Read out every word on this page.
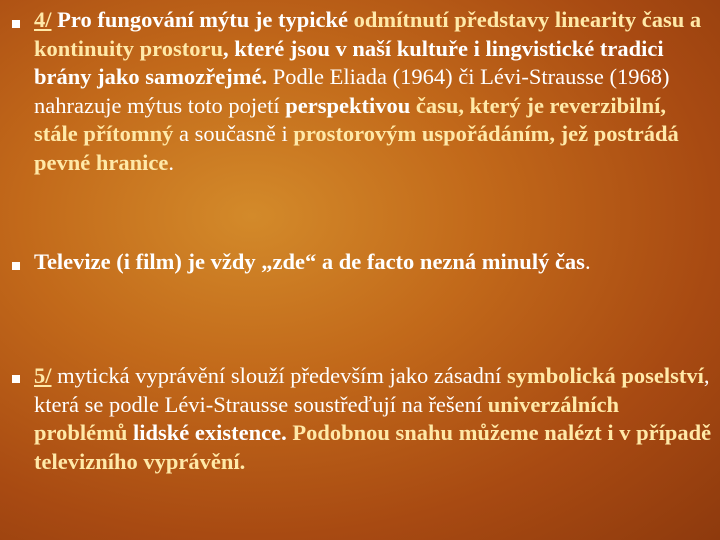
4/ Pro fungování mýtu je typické odmítnutí představy linearity času a kontinuity prostoru, které jsou v naší kultuře i lingvistické tradici brány jako samozřejmé. Podle Eliada (1964) či Lévi-Strausse (1968) nahrazuje mýtus toto pojetí perspektivou času, který je reverzibilní, stále přítomný a současně i prostorovým uspořádáním, jež postrádá pevné hranice.
Televize (i film) je vždy „zde“ a de facto nezná minulý čas.
5/ mytická vyprávění slouží především jako zásadní symbolická poselství, která se podle Lévi-Strausse soustřeďují na řešení univerzálních problémů lidské existence. Podobnou snahu můžeme nalézt i v případě televizního vyprávění.
